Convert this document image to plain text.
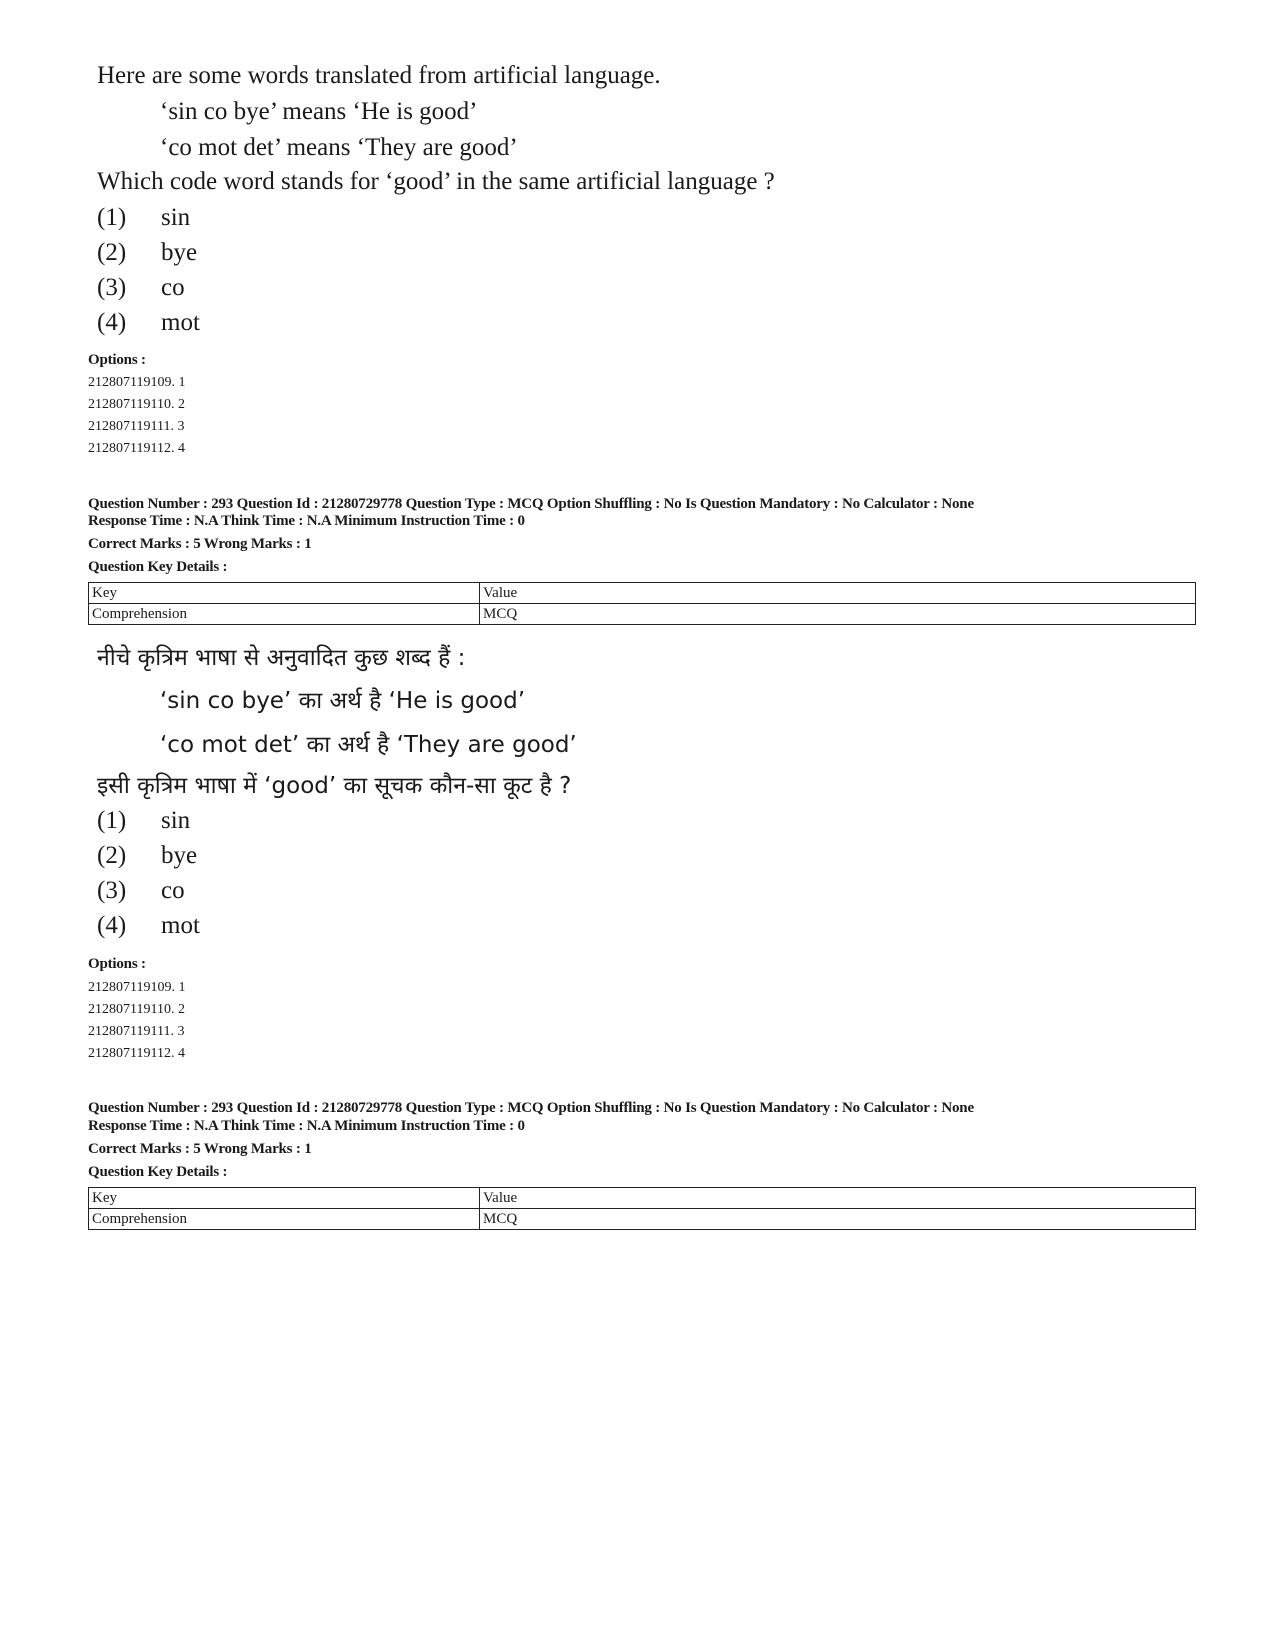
Here are some words translated from artificial language.
‘sin co bye’ means ‘He is good’
‘co mot det’ means ‘They are good’
Which code word stands for ‘good’ in the same artificial language ?
(1) sin
(2) bye
(3) co
(4) mot
Options :
212807119109. 1
212807119110. 2
212807119111. 3
212807119112. 4
Question Number : 293 Question Id : 21280729778 Question Type : MCQ Option Shuffling : No Is Question Mandatory : No Calculator : None
Response Time : N.A Think Time : N.A Minimum Instruction Time : 0
Correct Marks : 5 Wrong Marks : 1
Question Key Details :
Key	Value
Comprehension	MCQ
नीचे कृत्रिम भाषा से अनुवादित कुछ शब्द हैं :
‘sin co bye’ का अर्थ है ‘He is good’
‘co mot det’ का अर्थ है ‘They are good’
इसी कृत्रिम भाषा में ‘good’ का सूचक कौन-सा कूट है ?
(1) sin
(2) bye
(3) co
(4) mot
Options :
212807119109. 1
212807119110. 2
212807119111. 3
212807119112. 4
Question Number : 293 Question Id : 21280729778 Question Type : MCQ Option Shuffling : No Is Question Mandatory : No Calculator : None
Response Time : N.A Think Time : N.A Minimum Instruction Time : 0
Correct Marks : 5 Wrong Marks : 1
Question Key Details :
Key	Value
Comprehension	MCQ
